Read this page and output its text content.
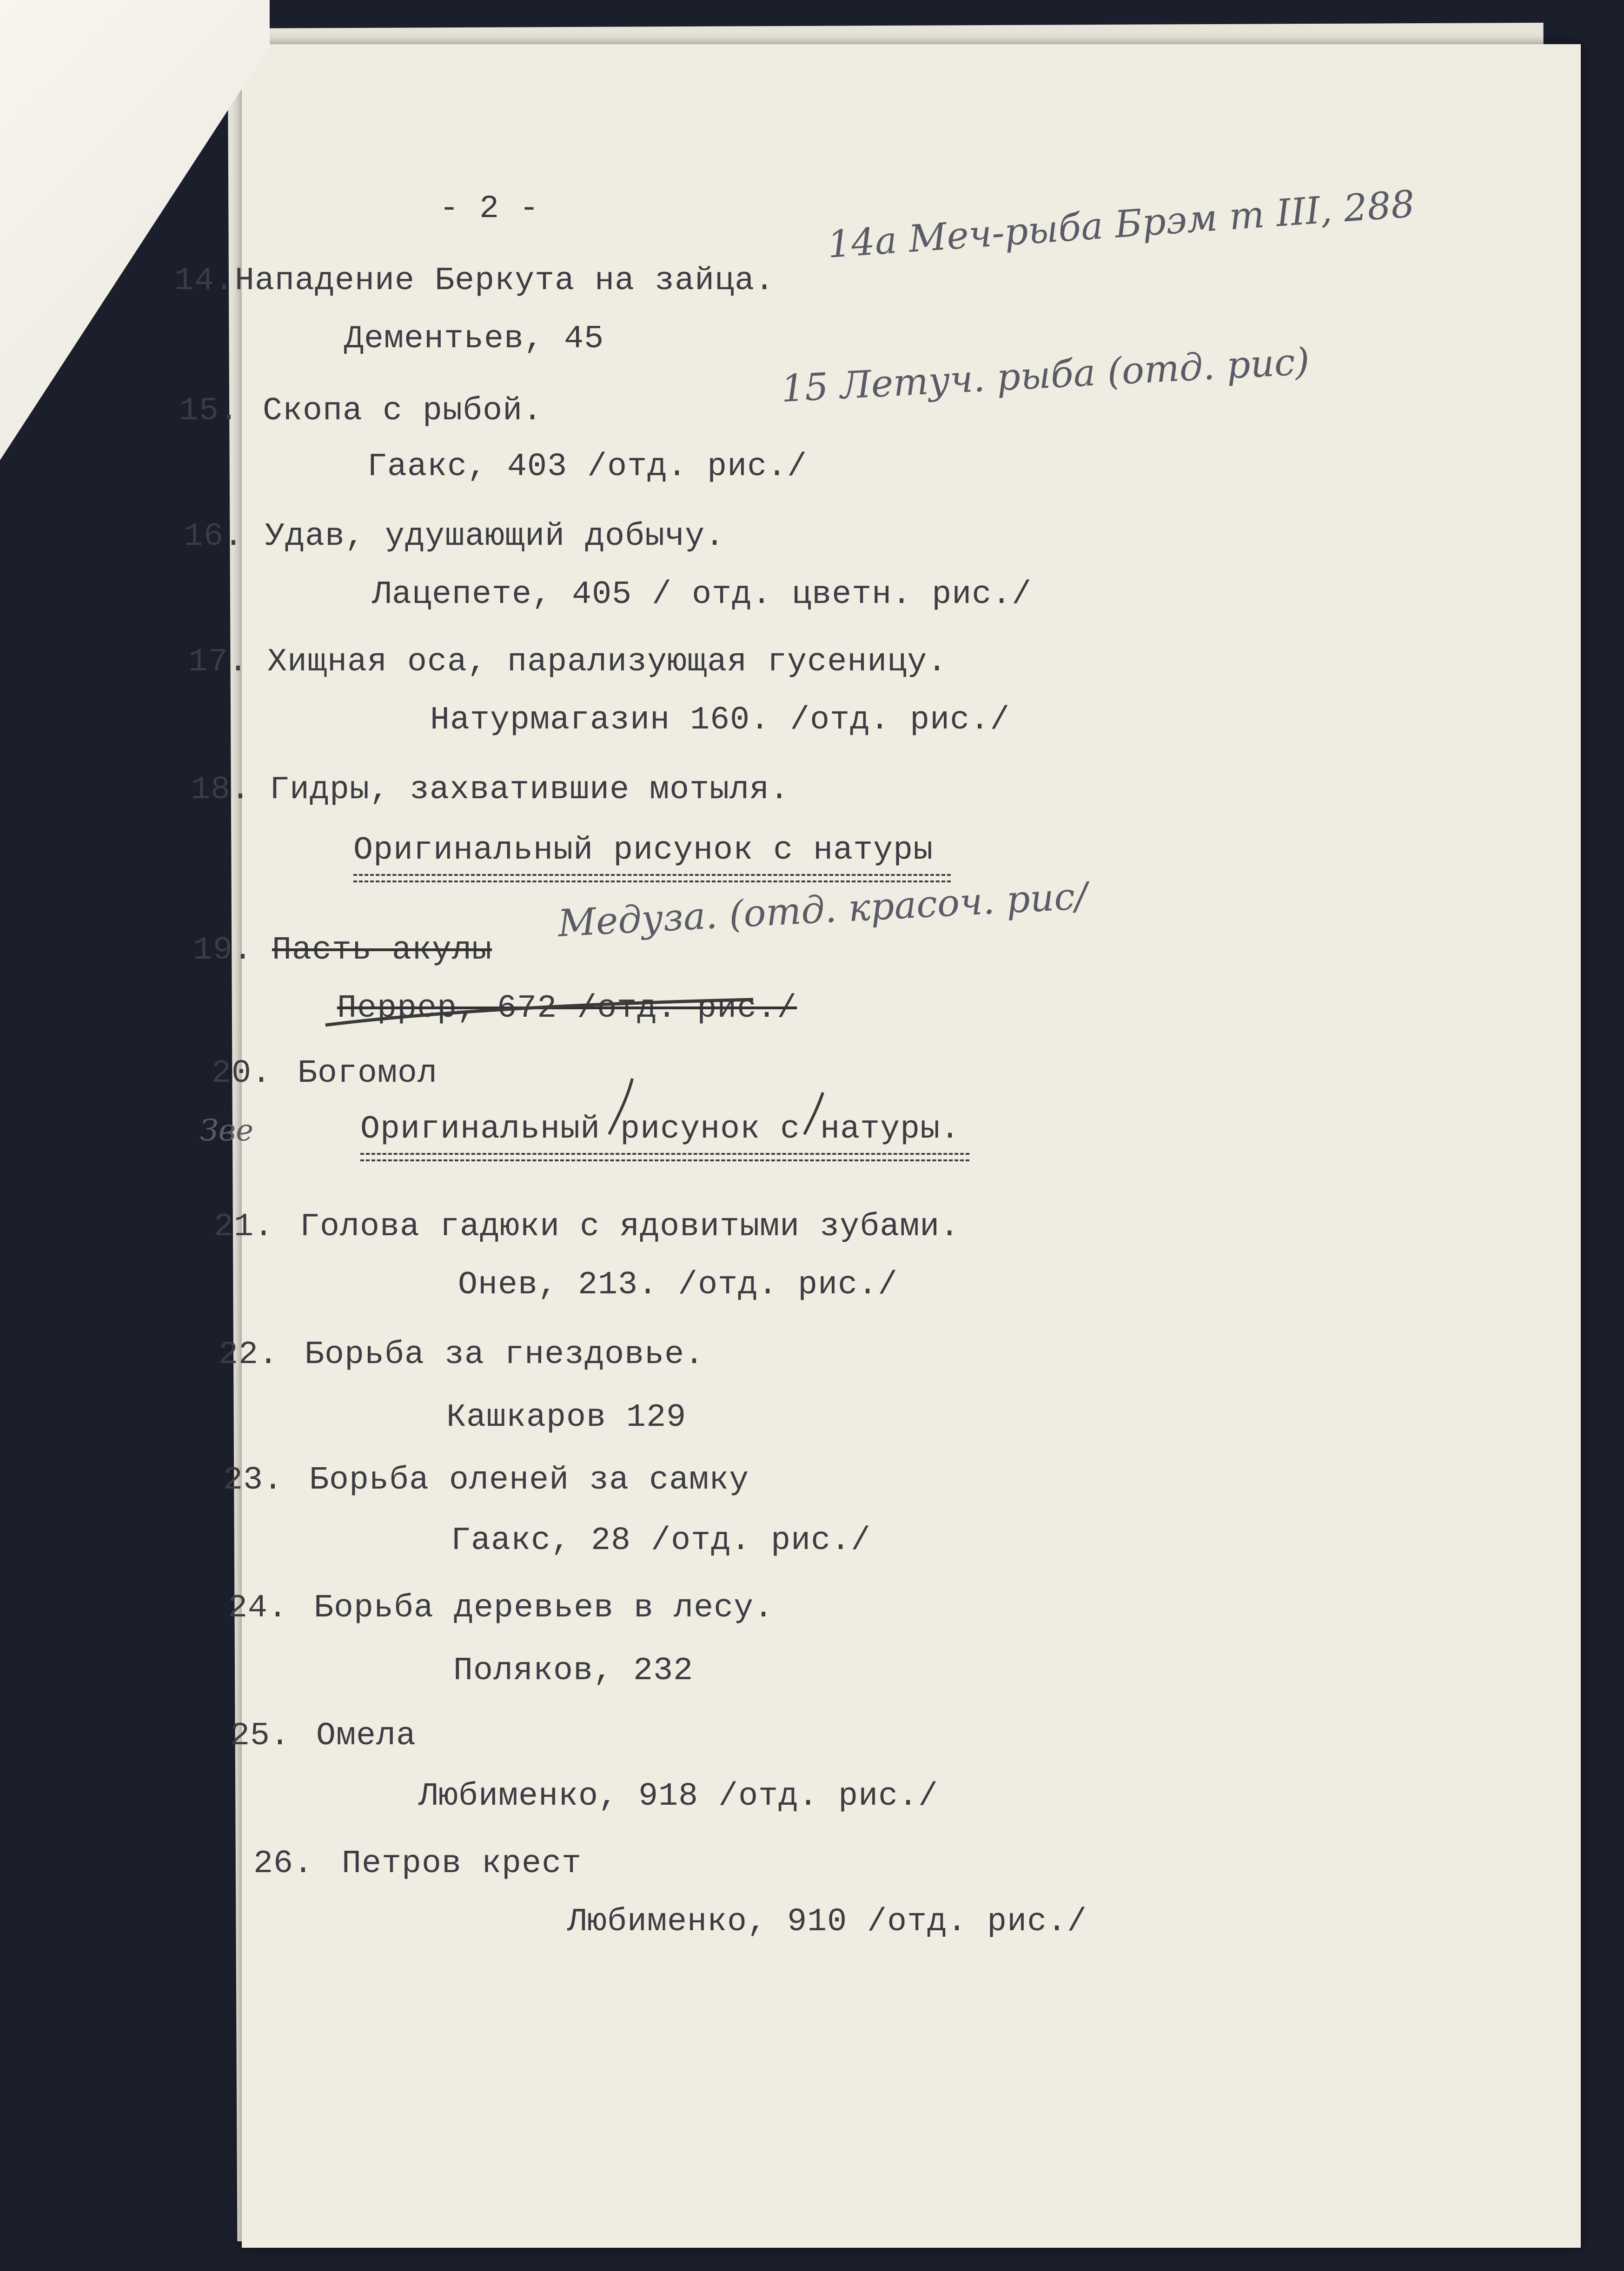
- 2 -
14. Нападение Беркута на зайца.
Дементьев, 45
14а Меч-рыба Брэм т III, 288
15. Скопа с рыбой.
Гаакс, 403 /отд. рис./
15 Летуч. рыба (отд. рис)
16. Удав, удушающий добычу.
Лацепете, 405 / отд. цветн. рис./
17. Хищная оса, парализующая гусеницу.
Натурмагазин 160. /отд. рис./
18. Гидры, захватившие мотыля.
Оригинальный рисунок с натуры
19. Пасть акулы
Перрер, 672 /отд. рис./
Медуза. (отд. красоч. рис/
20. Богомол
Оригинальный рисунок с натуры.
Зве
21. Голова гадюки с ядовитыми зубами.
Онев, 213. /отд. рис./
22. Борьба за гнездовье.
Кашкаров 129
23. Борьба оленей за самку
Гаакс, 28 /отд. рис./
24. Борьба деревьев в лесу.
Поляков, 232
25. Омела
Любименко, 918 /отд. рис./
26. Петров крест
Любименко, 910 /отд. рис./
